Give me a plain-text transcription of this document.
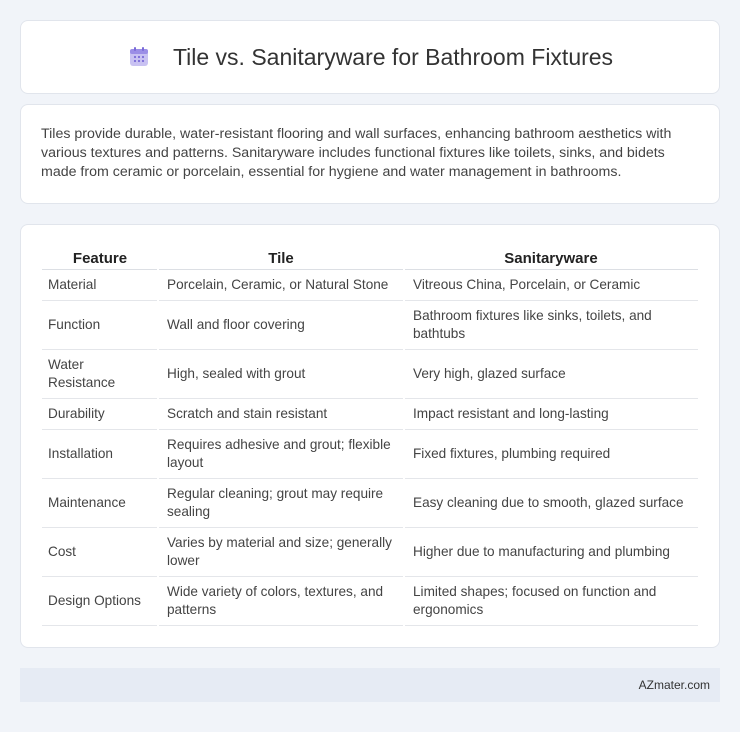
Tile vs. Sanitaryware for Bathroom Fixtures

Tiles provide durable, water-resistant flooring and wall surfaces, enhancing bathroom aesthetics with various textures and patterns. Sanitaryware includes functional fixtures like toilets, sinks, and bidets made from ceramic or porcelain, essential for hygiene and water management in bathrooms.

Feature	Tile	Sanitaryware
Material	Porcelain, Ceramic, or Natural Stone	Vitreous China, Porcelain, or Ceramic
Function	Wall and floor covering	Bathroom fixtures like sinks, toilets, and bathtubs
Water Resistance	High, sealed with grout	Very high, glazed surface
Durability	Scratch and stain resistant	Impact resistant and long-lasting
Installation	Requires adhesive and grout; flexible layout	Fixed fixtures, plumbing required
Maintenance	Regular cleaning; grout may require sealing	Easy cleaning due to smooth, glazed surface
Cost	Varies by material and size; generally lower	Higher due to manufacturing and plumbing
Design Options	Wide variety of colors, textures, and patterns	Limited shapes; focused on function and ergonomics
AZmater.com
